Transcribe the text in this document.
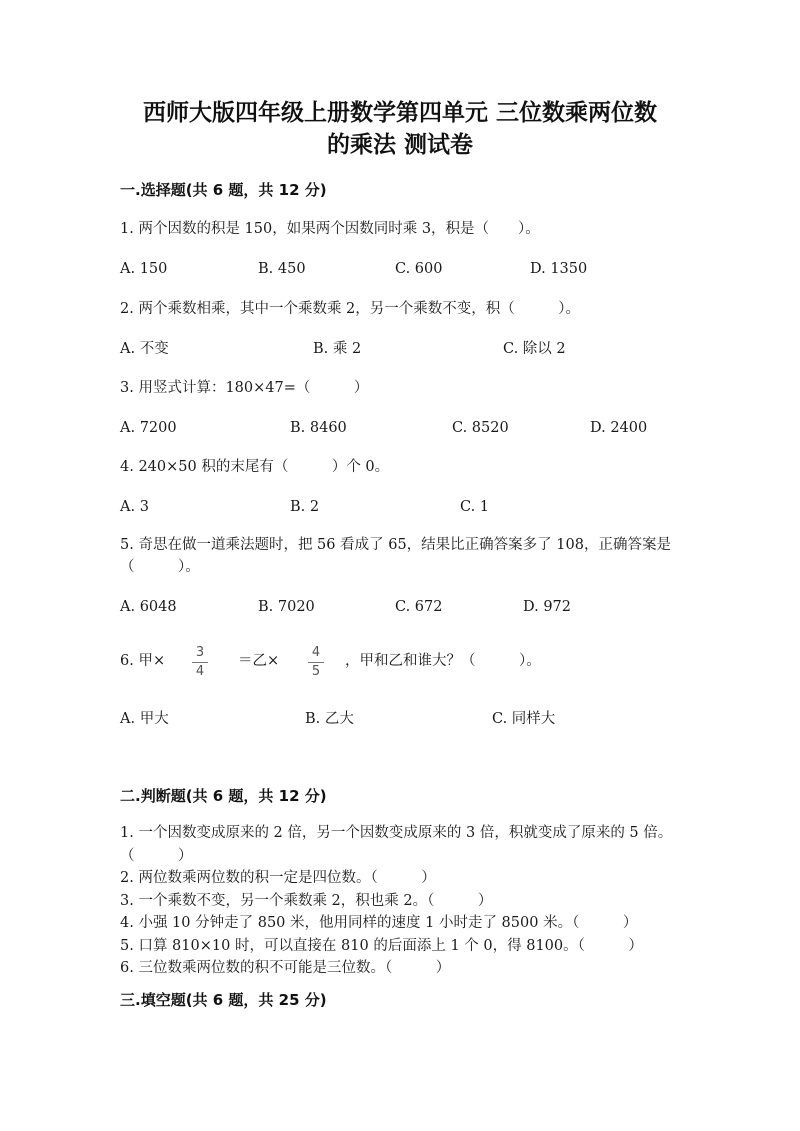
西师大版四年级上册数学第四单元 三位数乘两位数
的乘法 测试卷
一.选择题(共 6 题，共 12 分)
1. 两个因数的积是 150，如果两个因数同时乘 3，积是（　　）。
A. 150	B. 450	C. 600	D. 1350
2. 两个乘数相乘，其中一个乘数乘 2，另一个乘数不变，积（　　　）。
A. 不变	B. 乘 2	C. 除以 2
3. 用竖式计算：180×47=（　　　）
A. 7200	B. 8460	C. 8520	D. 2400
4. 240×50 积的末尾有（　　　）个 0。
A. 3	B. 2	C. 1
5. 奇思在做一道乘法题时，把 56 看成了 65，结果比正确答案多了 108，正确答案是（　　　）。
A. 6048	B. 7020	C. 672	D. 972
6. 甲×
3
4
＝乙×
4
5
，甲和乙和谁大？（　　　）。
A. 甲大	B. 乙大	C. 同样大
二.判断题(共 6 题，共 12 分)
1. 一个因数变成原来的 2 倍，另一个因数变成原来的 3 倍，积就变成了原来的 5 倍。（　　　）
2. 两位数乘两位数的积一定是四位数。（　　　）
3. 一个乘数不变，另一个乘数乘 2，积也乘 2。（　　　）
4. 小强 10 分钟走了 850 米，他用同样的速度 1 小时走了 8500 米。（　　　）
5. 口算 810×10 时，可以直接在 810 的后面添上 1 个 0，得 8100。（　　　）
6. 三位数乘两位数的积不可能是三位数。（　　　）
三.填空题(共 6 题，共 25 分)
